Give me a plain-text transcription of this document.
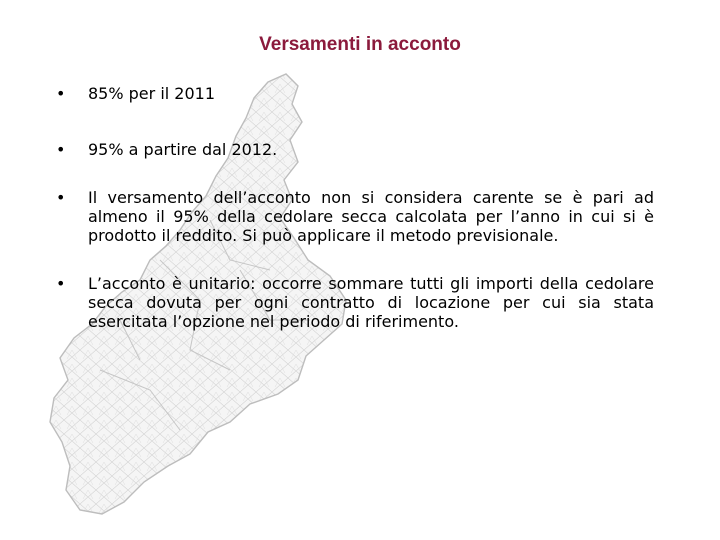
Versamenti in acconto
• 85% per il 2011
• 95% a partire dal 2012.
• Il versamento dell’acconto non si considera carente se è pari ad almeno il 95% della cedolare secca calcolata per l’anno in cui si è prodotto il reddito. Si può applicare il metodo previsionale.
• L’acconto è unitario: occorre sommare tutti gli importi della cedolare secca dovuta per ogni contratto di locazione per cui sia stata esercitata l’opzione nel periodo di riferimento.
